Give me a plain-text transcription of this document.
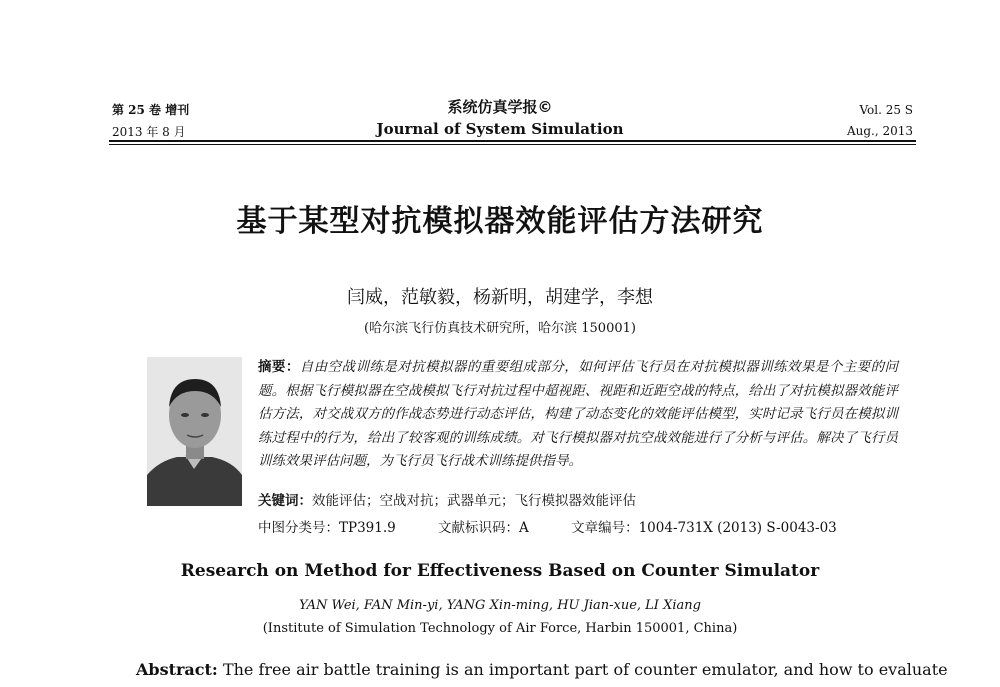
第 25 卷 增刊
2013 年 8 月
系统仿真学报©
Journal of System Simulation
Vol. 25 S
Aug., 2013
基于某型对抗模拟器效能评估方法研究
闫威，范敏毅，杨新明，胡建学，李想
(哈尔滨飞行仿真技术研究所，哈尔滨 150001)
摘要：自由空战训练是对抗模拟器的重要组成部分，如何评估飞行员在对抗模拟器训练效果是个主要的问题。根据飞行模拟器在空战模拟飞行对抗过程中超视距、视距和近距空战的特点，给出了对抗模拟器效能评估方法，对交战双方的作战态势进行动态评估，构建了动态变化的效能评估模型，实时记录飞行员在模拟训练过程中的行为，给出了较客观的训练成绩。对飞行模拟器对抗空战效能进行了分析与评估。解决了飞行员训练效果评估问题，为飞行员飞行战术训练提供指导。
关键词：效能评估；空战对抗；武器单元；飞行模拟器效能评估
中图分类号：TP391.9	文献标识码：A	文章编号：1004-731X (2013) S-0043-03
Research on Method for Effectiveness Based on Counter Simulator
YAN Wei, FAN Min-yi, YANG Xin-ming, HU Jian-xue, LI Xiang
(Institute of Simulation Technology of Air Force, Harbin 150001, China)
Abstract: The free air battle training is an important part of counter emulator, and how to evaluate
